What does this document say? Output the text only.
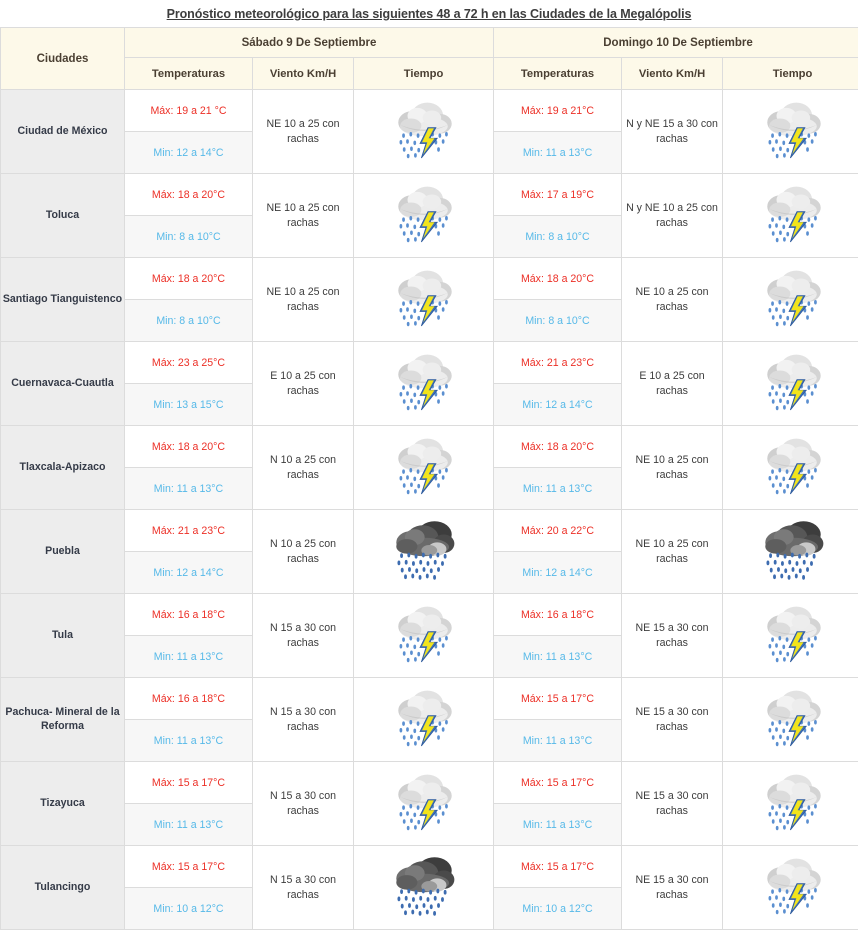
Pronóstico meteorológico para las siguientes 48 a 72 h en las Ciudades de la Megalópolis
Ciudades	Sábado 9 De Septiembre			Domingo 10 De Septiembre		
	Temperaturas	Viento Km/H	Tiempo	Temperaturas	Viento Km/H	Tiempo
Ciudad de México	Máx: 19 a 21 °C	NE 10 a 25 con rachas		Máx: 19 a 21°C	N y NE 15 a 30 con rachas	
	Min: 12 a 14°C			Min: 11 a 13°C		
Toluca	Máx: 18 a 20°C	NE 10 a 25 con rachas		Máx: 17 a 19°C	N y NE 10 a 25 con rachas	
	Min: 8 a 10°C			Min: 8 a 10°C		
Santiago Tianguistenco	Máx: 18 a 20°C	NE 10 a 25 con rachas		Máx: 18 a 20°C	NE 10 a 25 con rachas	
	Min: 8 a 10°C			Min: 8 a 10°C		
Cuernavaca-Cuautla	Máx: 23 a 25°C	E 10 a 25 con rachas		Máx: 21 a 23°C	E 10 a 25 con rachas	
	Min: 13 a 15°C			Min: 12 a 14°C		
Tlaxcala-Apizaco	Máx: 18 a 20°C	N 10 a 25 con rachas		Máx: 18 a 20°C	NE 10 a 25 con rachas	
	Min: 11 a 13°C			Min: 11 a 13°C		
Puebla	Máx: 21 a 23°C	N 10 a 25 con rachas		Máx: 20 a 22°C	NE 10 a 25 con rachas	
	Min: 12 a 14°C			Min: 12 a 14°C		
Tula	Máx: 16 a 18°C	N 15 a 30 con rachas		Máx: 16 a 18°C	NE 15 a 30 con rachas	
	Min: 11 a 13°C			Min: 11 a 13°C		
Pachuca- Mineral de la Reforma	Máx: 16 a 18°C	N 15 a 30 con rachas		Máx: 15 a 17°C	NE 15 a 30 con rachas	
	Min: 11 a 13°C			Min: 11 a 13°C		
Tizayuca	Máx: 15 a 17°C	N 15 a 30 con rachas		Máx: 15 a 17°C	NE 15 a 30 con rachas	
	Min: 11 a 13°C			Min: 11 a 13°C		
Tulancingo	Máx: 15 a 17°C	N 15 a 30 con rachas		Máx: 15 a 17°C	NE 15 a 30 con rachas	
	Min: 10 a 12°C			Min: 10 a 12°C		
